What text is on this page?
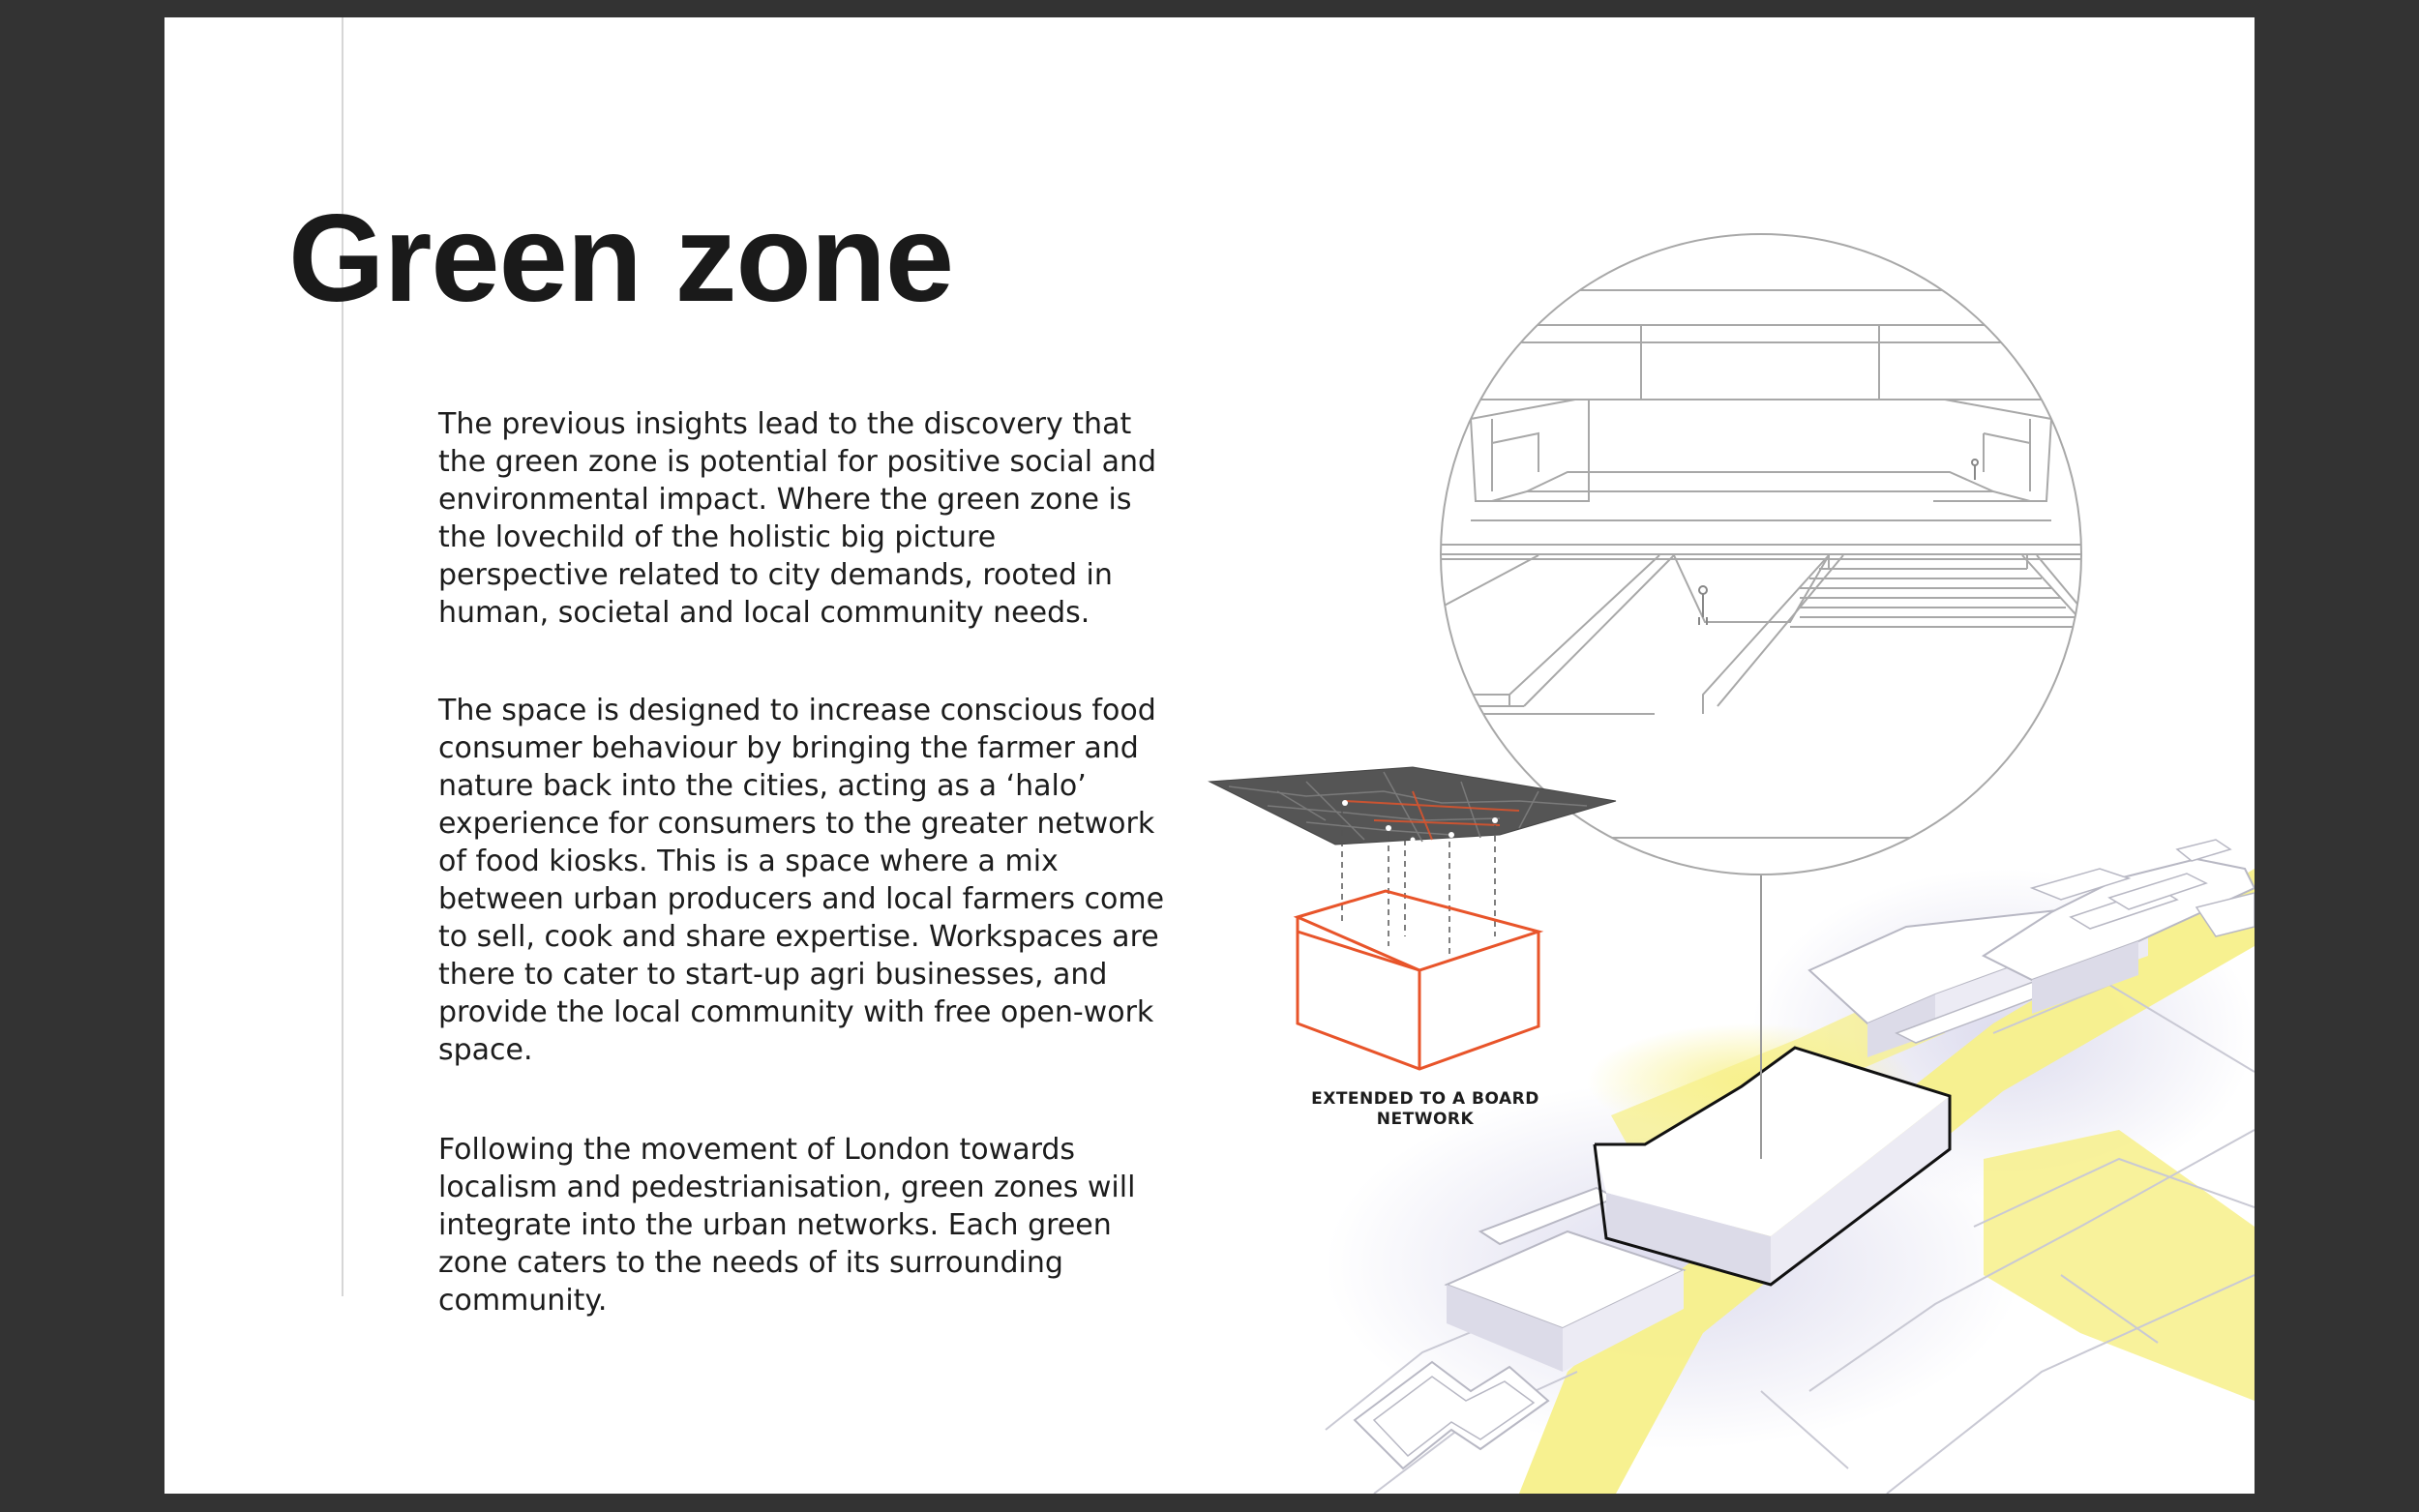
Green zone

The previous insights lead to the discovery that the green zone is potential for positive social and environmental impact. Where the green zone is the lovechild of the holistic big picture perspective related to city demands, rooted in human, societal and local community needs.

The space is designed to increase conscious food consumer behaviour by bringing the farmer and nature back into the cities, acting as a ‘halo’ experience for consumers to the greater network of food kiosks. This is a space where a mix between urban producers and local farmers come to sell, cook and share expertise. Workspaces are there to cater to start-up agri businesses, and provide the local community with free open-work space.

Following the movement of London towards localism and pedestrianisation, green zones will integrate into the urban networks. Each green zone caters to the needs of its surrounding community.

EXTENDED TO A BOARD NETWORK
